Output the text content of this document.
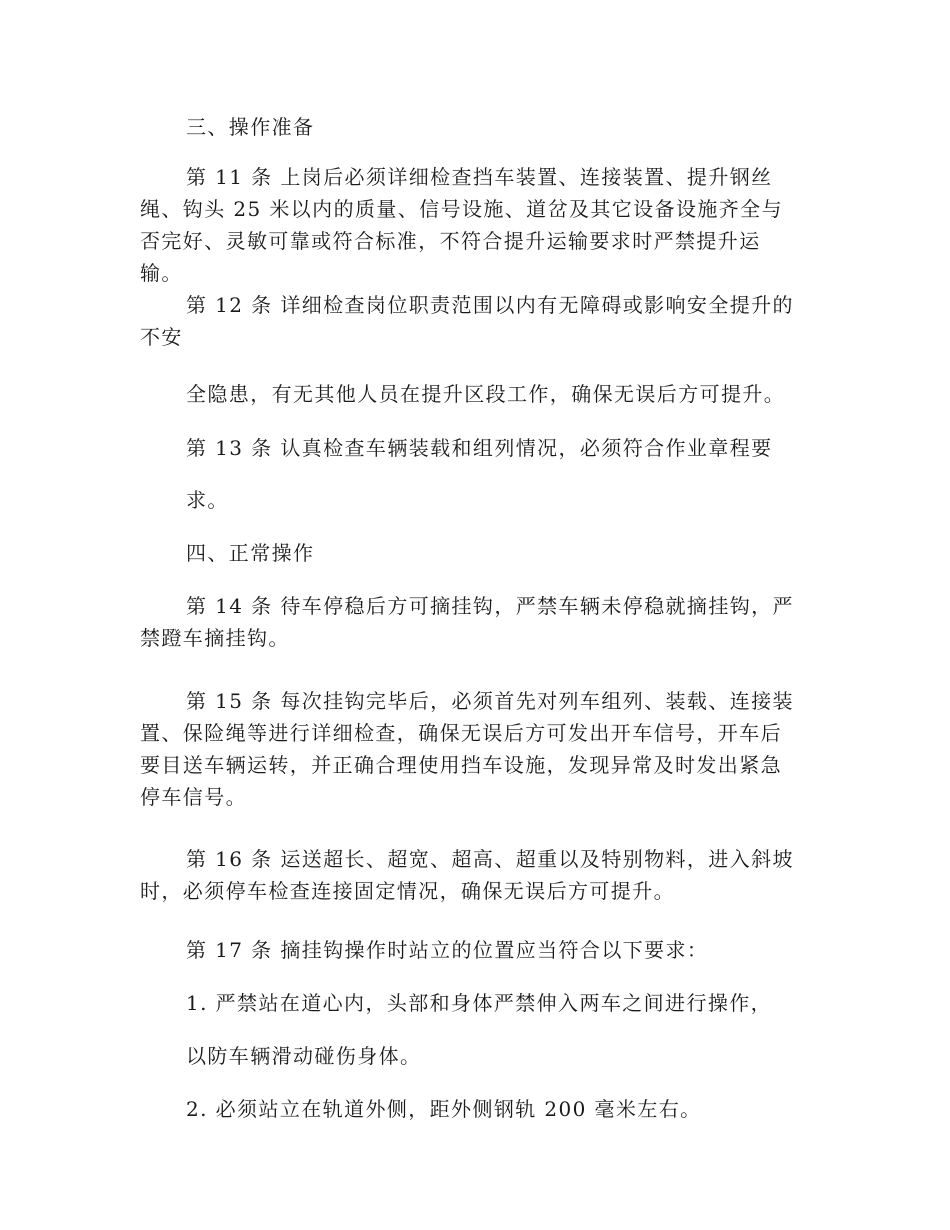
三、操作准备

第 11 条 上岗后必须详细检查挡车装置、连接装置、提升钢丝绳、钩头 25 米以内的质量、信号设施、道岔及其它设备设施齐全与否完好、灵敏可靠或符合标准，不符合提升运输要求时严禁提升运输。

第 12 条 详细检查岗位职责范围以内有无障碍或影响安全提升的不安

全隐患，有无其他人员在提升区段工作，确保无误后方可提升。

第 13 条 认真检查车辆装载和组列情况，必须符合作业章程要

求。

四、正常操作

第 14 条 待车停稳后方可摘挂钩，严禁车辆未停稳就摘挂钩，严禁蹬车摘挂钩。

第 15 条 每次挂钩完毕后，必须首先对列车组列、装载、连接装置、保险绳等进行详细检查，确保无误后方可发出开车信号，开车后要目送车辆运转，并正确合理使用挡车设施，发现异常及时发出紧急停车信号。

第 16 条 运送超长、超宽、超高、超重以及特别物料，进入斜坡时，必须停车检查连接固定情况，确保无误后方可提升。

第 17 条 摘挂钩操作时站立的位置应当符合以下要求：

1. 严禁站在道心内，头部和身体严禁伸入两车之间进行操作，

以防车辆滑动碰伤身体。

2. 必须站立在轨道外侧，距外侧钢轨 200 毫米左右。
